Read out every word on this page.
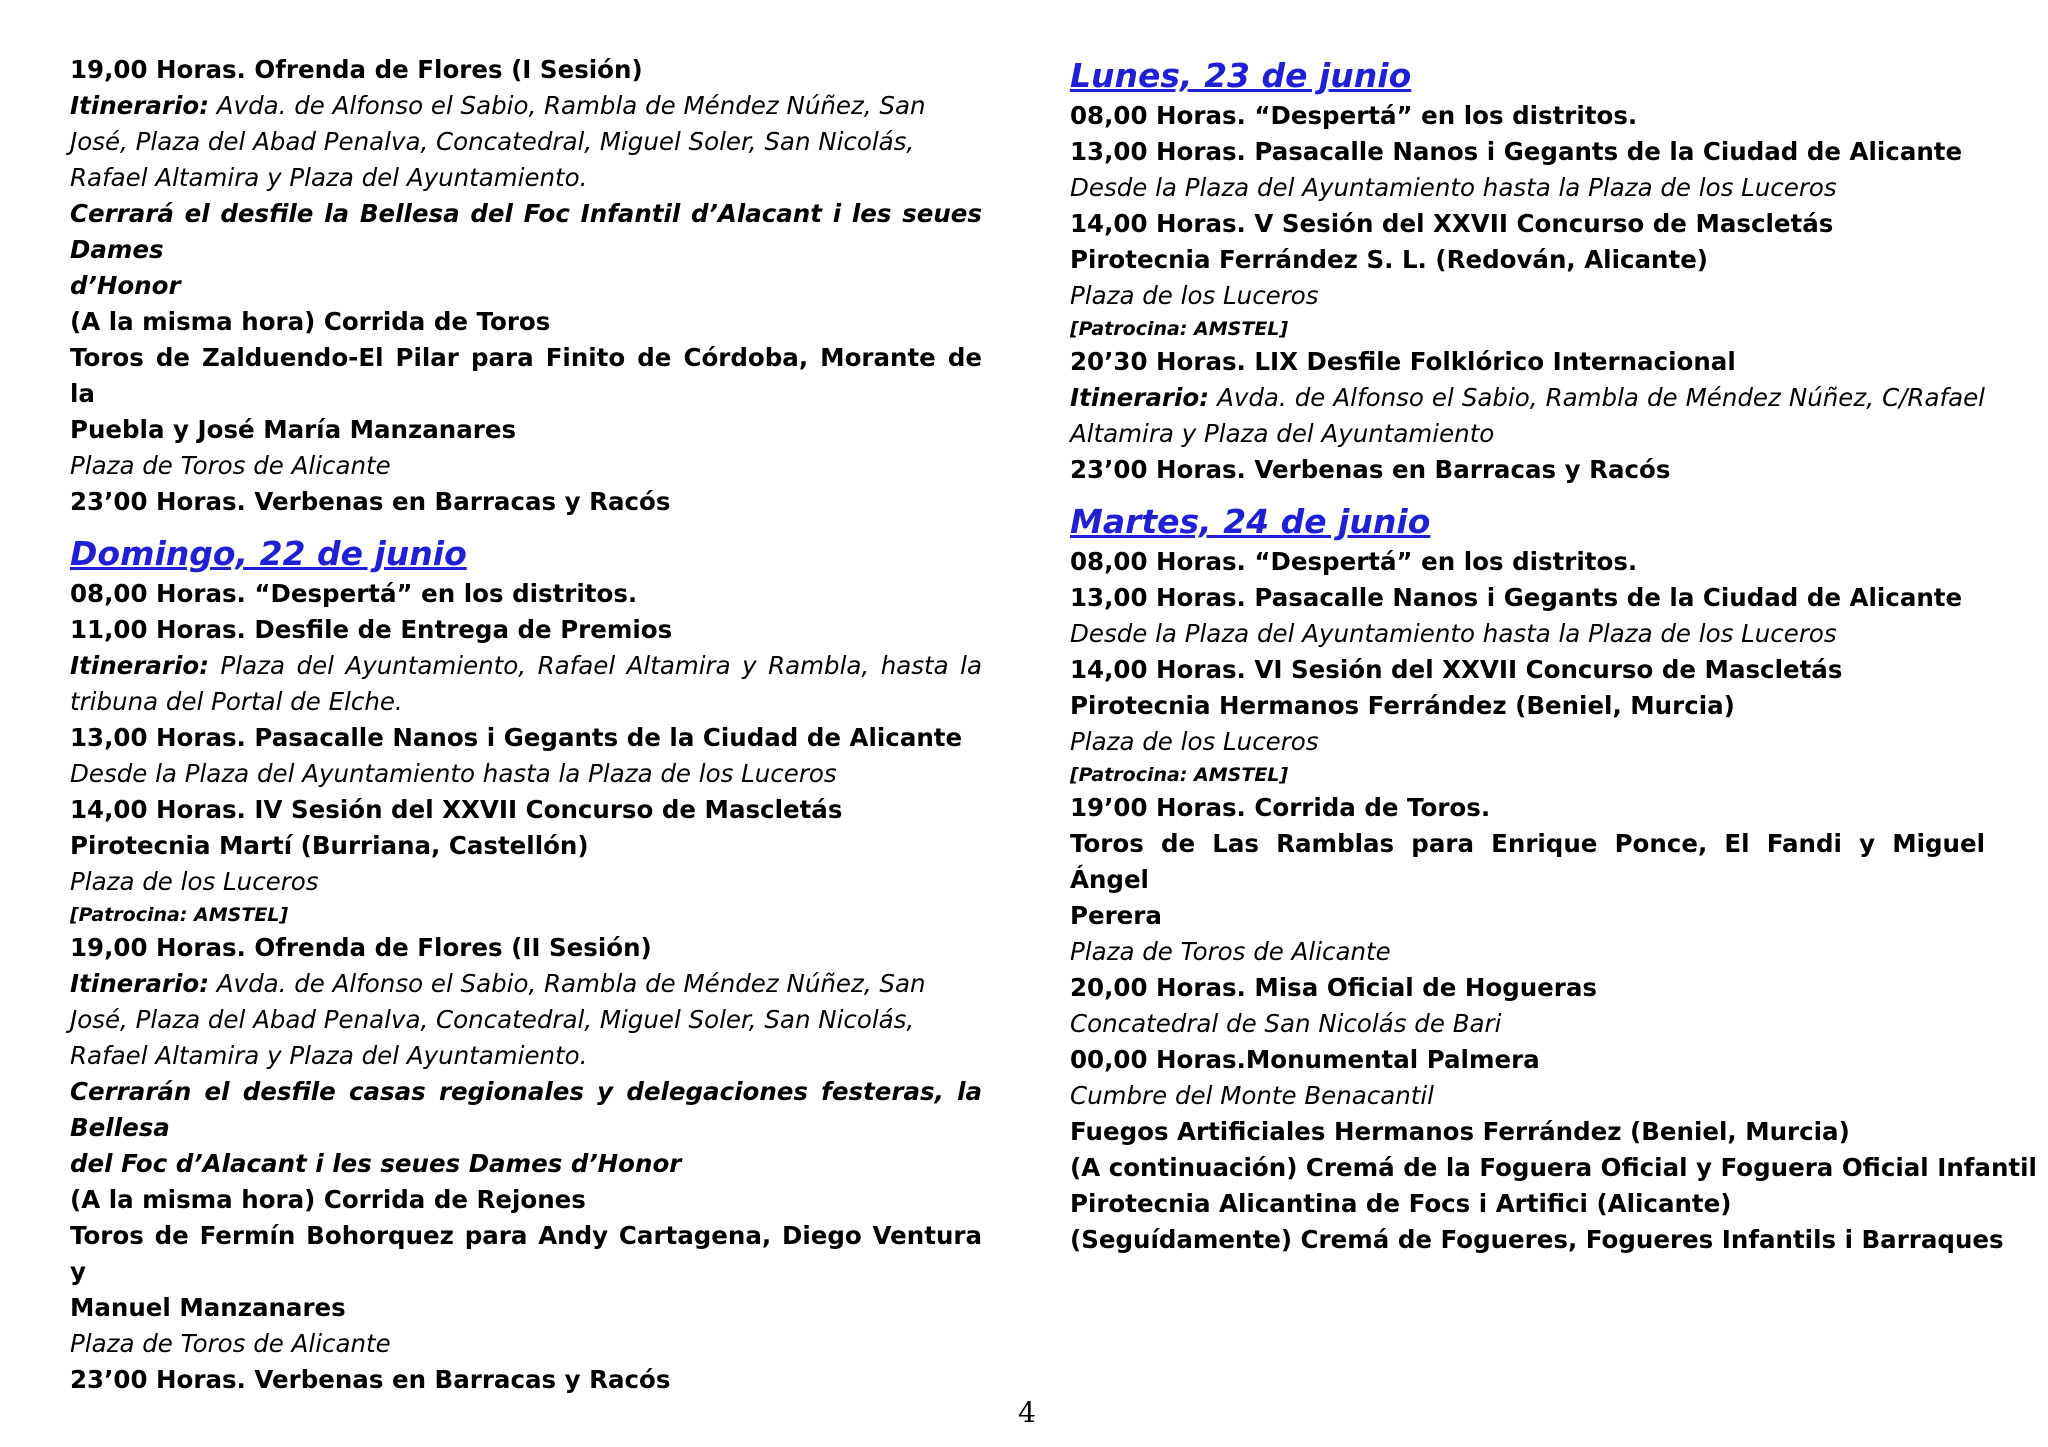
19,00 Horas. Ofrenda de Flores (I Sesión)
Itinerario: Avda. de Alfonso el Sabio, Rambla de Méndez Núñez, San
José, Plaza del Abad Penalva, Concatedral, Miguel Soler, San Nicolás,
Rafael Altamira y Plaza del Ayuntamiento.
Cerrará el desfile la Bellesa del Foc Infantil d’Alacant i les seues Dames
d’Honor
(A la misma hora) Corrida de Toros
Toros de Zalduendo-El Pilar para Finito de Córdoba, Morante de la
Puebla y José María Manzanares
Plaza de Toros de Alicante
23’00 Horas. Verbenas en Barracas y Racós
Domingo, 22 de junio
08,00 Horas. “Despertá” en los distritos.
11,00 Horas. Desfile de Entrega de Premios
Itinerario: Plaza del Ayuntamiento, Rafael Altamira y Rambla, hasta la
tribuna del Portal de Elche.
13,00 Horas. Pasacalle Nanos i Gegants de la Ciudad de Alicante
Desde la Plaza del Ayuntamiento hasta la Plaza de los Luceros
14,00 Horas. IV Sesión del XXVII Concurso de Mascletás
Pirotecnia Martí (Burriana, Castellón)
Plaza de los Luceros
[Patrocina: AMSTEL]
19,00 Horas. Ofrenda de Flores (II Sesión)
Itinerario: Avda. de Alfonso el Sabio, Rambla de Méndez Núñez, San
José, Plaza del Abad Penalva, Concatedral, Miguel Soler, San Nicolás,
Rafael Altamira y Plaza del Ayuntamiento.
Cerrarán el desfile casas regionales y delegaciones festeras, la Bellesa
del Foc d’Alacant i les seues Dames d’Honor
(A la misma hora) Corrida de Rejones
Toros de Fermín Bohorquez para Andy Cartagena, Diego Ventura y
Manuel Manzanares
Plaza de Toros de Alicante
23’00 Horas. Verbenas en Barracas y Racós
Lunes, 23 de junio
08,00 Horas. “Despertá” en los distritos.
13,00 Horas. Pasacalle Nanos i Gegants de la Ciudad de Alicante
Desde la Plaza del Ayuntamiento hasta la Plaza de los Luceros
14,00 Horas. V Sesión del XXVII Concurso de Mascletás
Pirotecnia Ferrández S. L. (Redován, Alicante)
Plaza de los Luceros
[Patrocina: AMSTEL]
20’30 Horas. LIX Desfile Folklórico Internacional
Itinerario: Avda. de Alfonso el Sabio, Rambla de Méndez Núñez, C/Rafael
Altamira y Plaza del Ayuntamiento
23’00 Horas. Verbenas en Barracas y Racós
Martes, 24 de junio
08,00 Horas. “Despertá” en los distritos.
13,00 Horas. Pasacalle Nanos i Gegants de la Ciudad de Alicante
Desde la Plaza del Ayuntamiento hasta la Plaza de los Luceros
14,00 Horas. VI Sesión del XXVII Concurso de Mascletás
Pirotecnia Hermanos Ferrández (Beniel, Murcia)
Plaza de los Luceros
[Patrocina: AMSTEL]
19’00 Horas. Corrida de Toros.
Toros de Las Ramblas para Enrique Ponce, El Fandi y Miguel Ángel
Perera
Plaza de Toros de Alicante
20,00 Horas. Misa Oficial de Hogueras
Concatedral de San Nicolás de Bari
00,00 Horas.Monumental Palmera
Cumbre del Monte Benacantil
Fuegos Artificiales Hermanos Ferrández (Beniel, Murcia)
(A continuación) Cremá de la Foguera Oficial y Foguera Oficial Infantil
Pirotecnia Alicantina de Focs i Artifici (Alicante)
(Seguídamente) Cremá de Fogueres, Fogueres Infantils i Barraques
4
